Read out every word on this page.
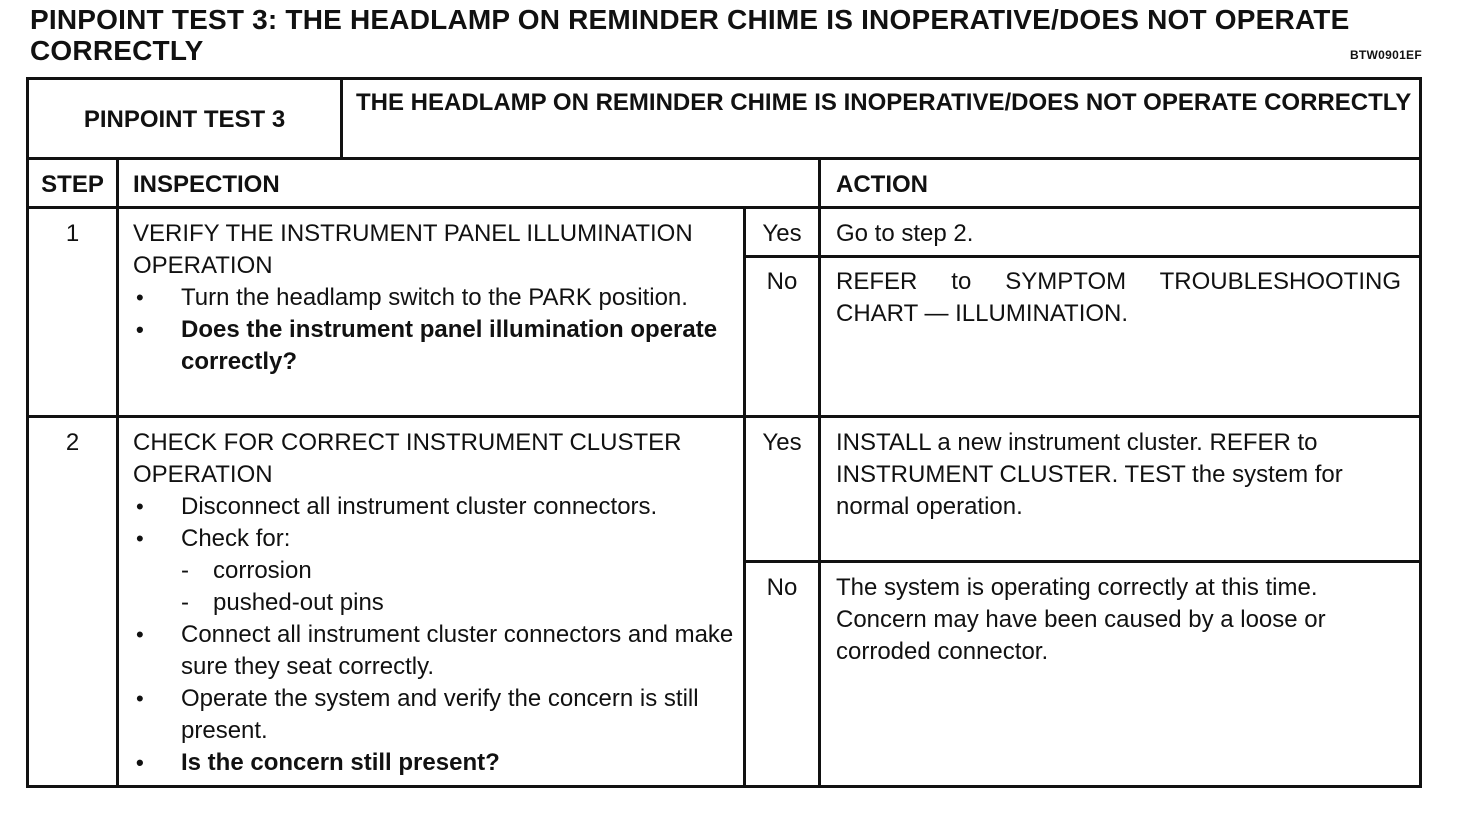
PINPOINT TEST 3: THE HEADLAMP ON REMINDER CHIME IS INOPERATIVE/DOES NOT OPERATE CORRECTLY	BTW0901EF
PINPOINT TEST 3
THE HEADLAMP ON REMINDER CHIME IS INOPERATIVE/DOES NOT OPERATE CORRECTLY
STEP	INSPECTION	ACTION
1	VERIFY THE INSTRUMENT PANEL ILLUMINATION OPERATION
• Turn the headlamp switch to the PARK position.
• Does the instrument panel illumination operate correctly?
Yes	Go to step 2.
No	REFER to SYMPTOM TROUBLESHOOTING CHART — ILLUMINATION.
2	CHECK FOR CORRECT INSTRUMENT CLUSTER OPERATION
• Disconnect all instrument cluster connectors.
• Check for:
- corrosion
- pushed-out pins
• Connect all instrument cluster connectors and make sure they seat correctly.
• Operate the system and verify the concern is still present.
• Is the concern still present?
Yes	INSTALL a new instrument cluster. REFER to INSTRUMENT CLUSTER. TEST the system for normal operation.
No	The system is operating correctly at this time. Concern may have been caused by a loose or corroded connector.
